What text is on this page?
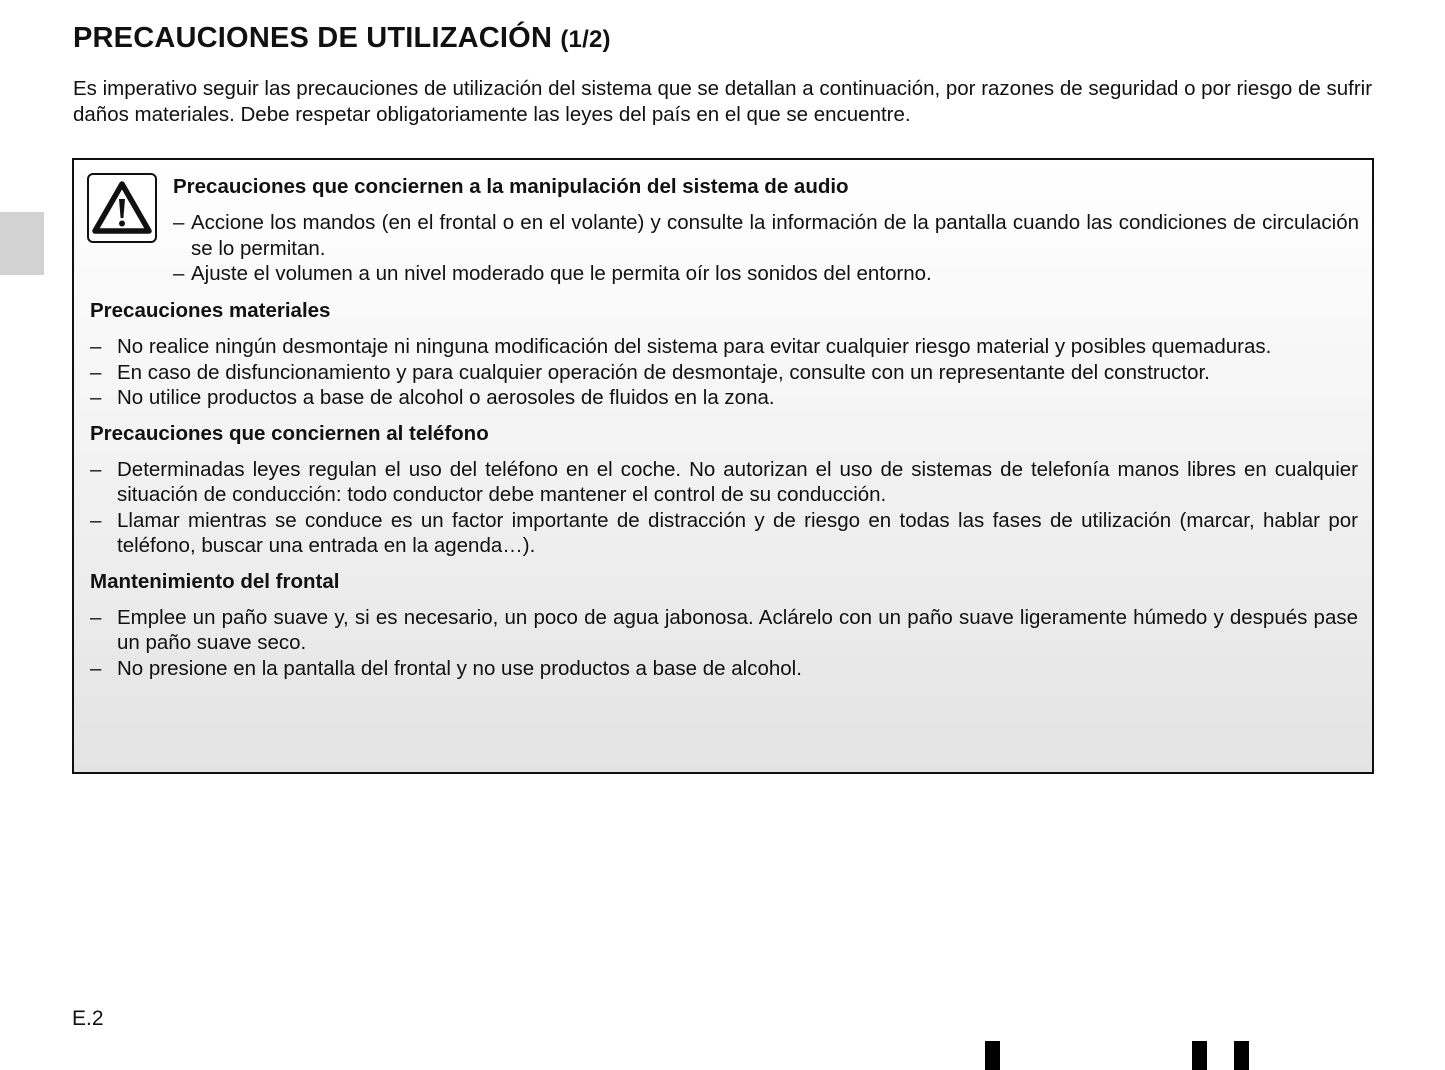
PRECAUCIONES DE UTILIZACIÓN (1/2)

Es imperativo seguir las precauciones de utilización del sistema que se detallan a continuación, por razones de seguridad o por riesgo de sufrir daños materiales. Debe respetar obligatoriamente las leyes del país en el que se encuentre.

Precauciones que conciernen a la manipulación del sistema de audio

– Accione los mandos (en el frontal o en el volante) y consulte la información de la pantalla cuando las condiciones de circulación se lo permitan.
– Ajuste el volumen a un nivel moderado que le permita oír los sonidos del entorno.

Precauciones materiales

– No realice ningún desmontaje ni ninguna modificación del sistema para evitar cualquier riesgo material y posibles quemaduras.
– En caso de disfuncionamiento y para cualquier operación de desmontaje, consulte con un representante del constructor.
– No utilice productos a base de alcohol o aerosoles de fluidos en la zona.

Precauciones que conciernen al teléfono

– Determinadas leyes regulan el uso del teléfono en el coche. No autorizan el uso de sistemas de telefonía manos libres en cualquier situación de conducción: todo conductor debe mantener el control de su conducción.
– Llamar mientras se conduce es un factor importante de distracción y de riesgo en todas las fases de utilización (marcar, hablar por teléfono, buscar una entrada en la agenda…).

Mantenimiento del frontal

– Emplee un paño suave y, si es necesario, un poco de agua jabonosa. Aclárelo con un paño suave ligeramente húmedo y después pase un paño suave seco.
– No presione en la pantalla del frontal y no use productos a base de alcohol.
E.2
